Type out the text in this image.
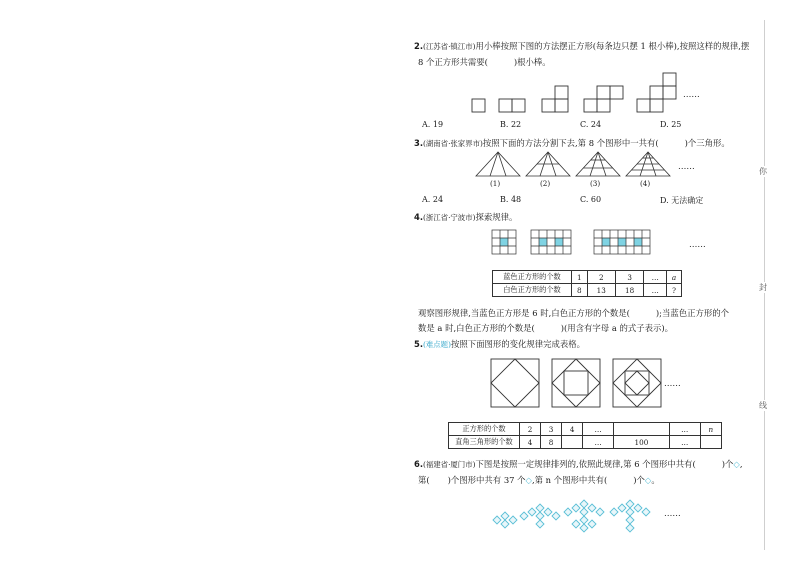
2.(江苏省·镇江市)用小棒按照下图的方法摆正方形(每条边只摆 1 根小棒),按照这样的规律,摆
8 个正方形共需要(	)根小棒。
……
A. 19	B. 22	C. 24	D. 25
3.(湖南省·张家界市)按照下面的方法分割下去,第 8 个图形中一共有(	)个三角形。
……
(1)	(2)	(3)	(4)
A. 24	B. 48	C. 60	D. 无法确定
4.(浙江省·宁波市)探索规律。
……
蓝色正方形的个数	1	2	3	…	a
白色正方形的个数	8	13	18	…	?
观察图形规律,当蓝色正方形是 6 时,白色正方形的个数是(	);当蓝色正方形的个
数是 a 时,白色正方形的个数是(	)(用含有字母 a 的式子表示)。
5.(难点题)按照下面图形的变化规律完成表格。
……
正方形的个数	2	3	4	…		…	n
直角三角形的个数	4	8		…	100	…	
6.(福建省·厦门市)下图是按照一定规律排列的,依照此规律,第 6 个图形中共有(	)个◇,
第( )个图形中共有 37 个◇,第 n 个图形中共有(	)个◇。
……
你
封
线
